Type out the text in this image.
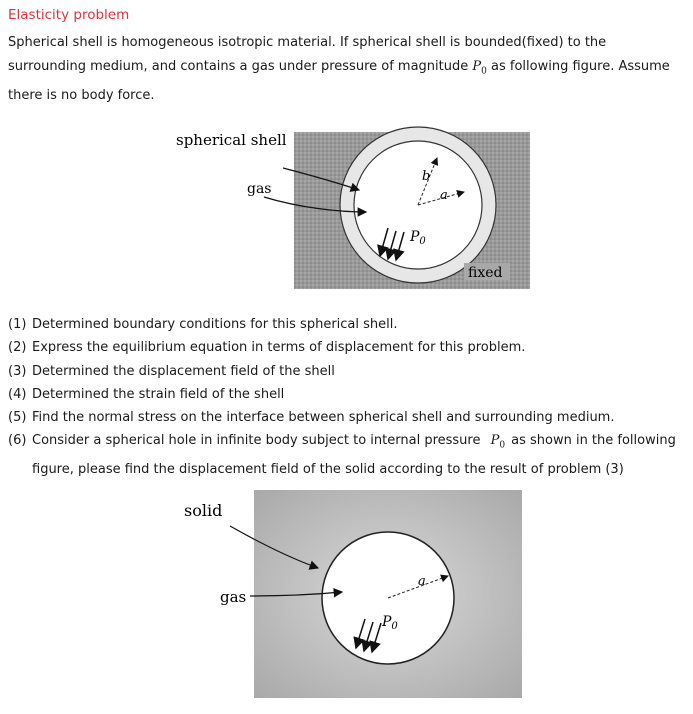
Elasticity problem
Spherical shell is homogeneous isotropic material. If spherical shell is bounded(fixed) to the surrounding medium, and contains a gas under pressure of magnitude $P_0$ as following figure. Assume there is no body force.
b
a
$P_0$
spherical shell
gas
fixed
(1) Determined boundary conditions for this spherical shell.
(2) Express the equilibrium equation in terms of displacement for this problem.
(3) Determined the displacement field of the shell
(4) Determined the strain field of the shell
(5) Find the normal stress on the interface between spherical shell and surrounding medium.
(6) Consider a spherical hole in infinite body subject to internal pressure $P_0$ as shown in the following
figure, please find the displacement field of the solid according to the result of problem (3)
a
$P_0$
solid
gas
